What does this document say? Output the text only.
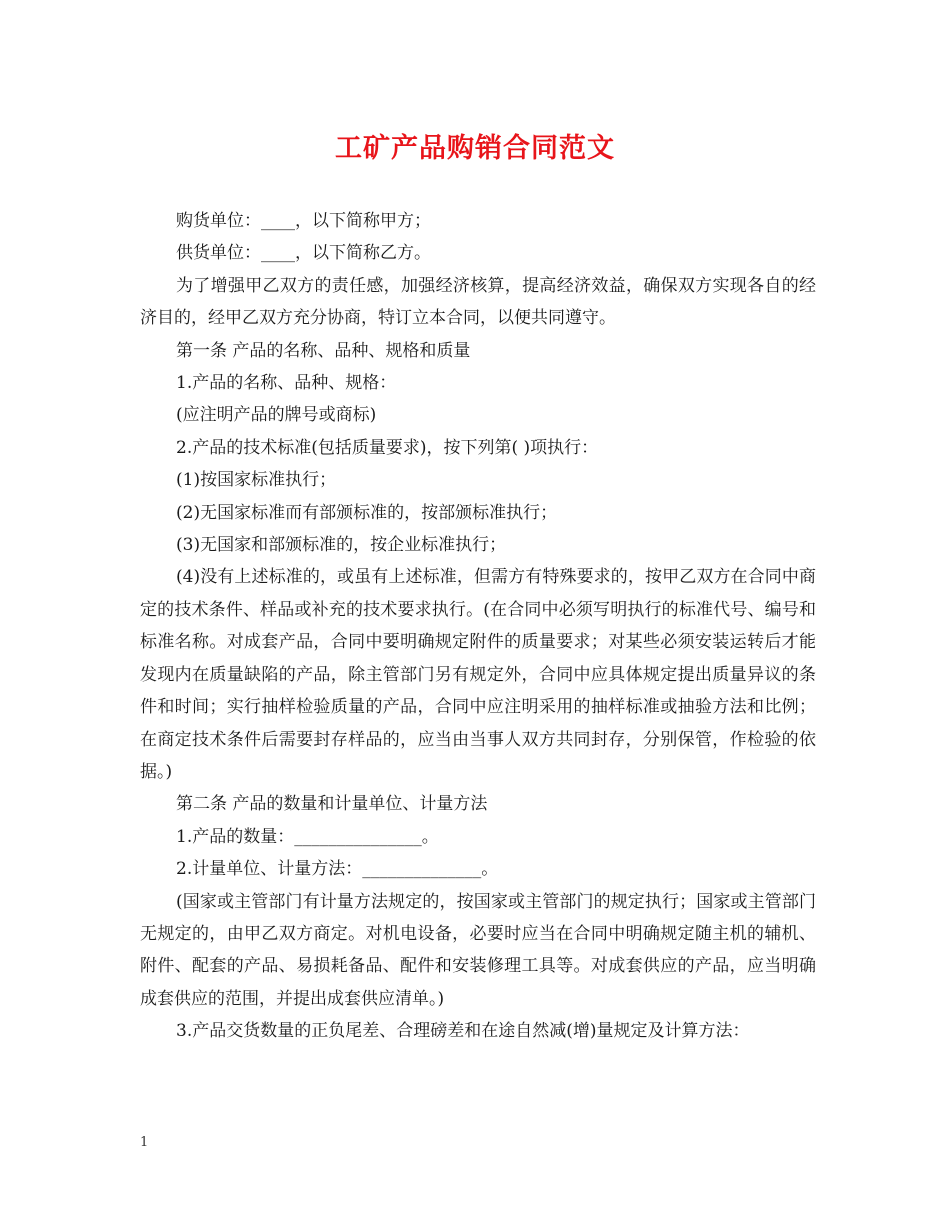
工矿产品购销合同范文

购货单位：____，以下简称甲方；

供货单位：____，以下简称乙方。

为了增强甲乙双方的责任感，加强经济核算，提高经济效益，确保双方实现各自的经济目的，经甲乙双方充分协商，特订立本合同，以便共同遵守。

第一条 产品的名称、品种、规格和质量

1.产品的名称、品种、规格：

(应注明产品的牌号或商标)

2.产品的技术标准(包括质量要求)，按下列第( )项执行：

(1)按国家标准执行；

(2)无国家标准而有部颁标准的，按部颁标准执行；

(3)无国家和部颁标准的，按企业标准执行；

(4)没有上述标准的，或虽有上述标准，但需方有特殊要求的，按甲乙双方在合同中商定的技术条件、样品或补充的技术要求执行。(在合同中必须写明执行的标准代号、编号和标准名称。对成套产品，合同中要明确规定附件的质量要求；对某些必须安装运转后才能发现内在质量缺陷的产品，除主管部门另有规定外，合同中应具体规定提出质量异议的条件和时间；实行抽样检验质量的产品，合同中应注明采用的抽样标准或抽验方法和比例；在商定技术条件后需要封存样品的，应当由当事人双方共同封存，分别保管，作检验的依据。)

第二条 产品的数量和计量单位、计量方法

1.产品的数量：_______________。

2.计量单位、计量方法：______________。

(国家或主管部门有计量方法规定的，按国家或主管部门的规定执行；国家或主管部门无规定的，由甲乙双方商定。对机电设备，必要时应当在合同中明确规定随主机的辅机、附件、配套的产品、易损耗备品、配件和安装修理工具等。对成套供应的产品，应当明确成套供应的范围，并提出成套供应清单。)

3.产品交货数量的正负尾差、合理磅差和在途自然减(增)量规定及计算方法：

1
